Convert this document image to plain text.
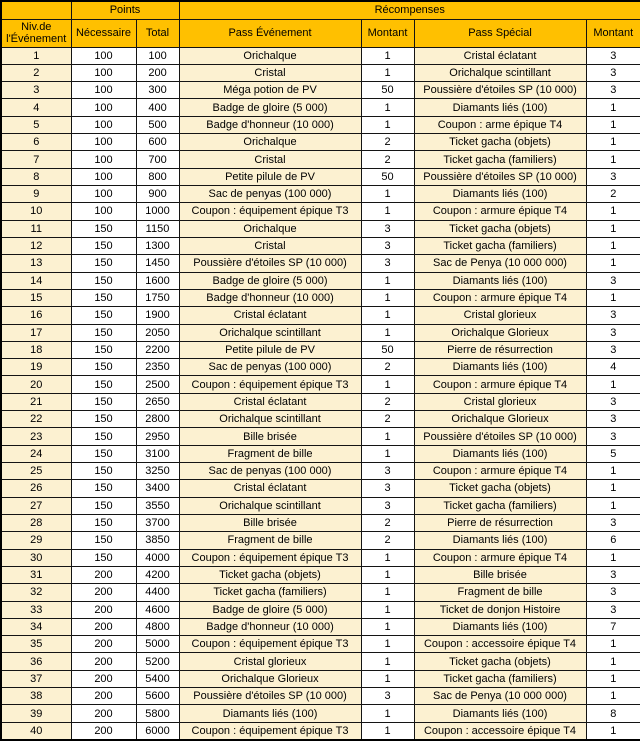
	Points		Récompenses			

Niv.de
l'Événement	Nécessaire	Total	Pass Événement	Montant	Pass Spécial	Montant
1	100	100	Orichalque	1	Cristal éclatant	3
2	100	200	Cristal	1	Orichalque scintillant	3
3	100	300	Méga potion de PV	50	Poussière d'étoiles SP (10 000)	3
4	100	400	Badge de gloire (5 000)	1	Diamants liés (100)	1
5	100	500	Badge d'honneur (10 000)	1	Coupon : arme épique T4	1
6	100	600	Orichalque	2	Ticket gacha (objets)	1
7	100	700	Cristal	2	Ticket gacha (familiers)	1
8	100	800	Petite pilule de PV	50	Poussière d'étoiles SP (10 000)	3
9	100	900	Sac de penyas (100 000)	1	Diamants liés (100)	2
10	100	1000	Coupon : équipement épique T3	1	Coupon : armure épique T4	1
11	150	1150	Orichalque	3	Ticket gacha (objets)	1
12	150	1300	Cristal	3	Ticket gacha (familiers)	1
13	150	1450	Poussière d'étoiles SP (10 000)	3	Sac de Penya (10 000 000)	1
14	150	1600	Badge de gloire (5 000)	1	Diamants liés (100)	3
15	150	1750	Badge d'honneur (10 000)	1	Coupon : armure épique T4	1
16	150	1900	Cristal éclatant	1	Cristal glorieux	3
17	150	2050	Orichalque scintillant	1	Orichalque Glorieux	3
18	150	2200	Petite pilule de PV	50	Pierre de résurrection	3
19	150	2350	Sac de penyas (100 000)	2	Diamants liés (100)	4
20	150	2500	Coupon : équipement épique T3	1	Coupon : armure épique T4	1
21	150	2650	Cristal éclatant	2	Cristal glorieux	3
22	150	2800	Orichalque scintillant	2	Orichalque Glorieux	3
23	150	2950	Bille brisée	1	Poussière d'étoiles SP (10 000)	3
24	150	3100	Fragment de bille	1	Diamants liés (100)	5
25	150	3250	Sac de penyas (100 000)	3	Coupon : armure épique T4	1
26	150	3400	Cristal éclatant	3	Ticket gacha (objets)	1
27	150	3550	Orichalque scintillant	3	Ticket gacha (familiers)	1
28	150	3700	Bille brisée	2	Pierre de résurrection	3
29	150	3850	Fragment de bille	2	Diamants liés (100)	6
30	150	4000	Coupon : équipement épique T3	1	Coupon : armure épique T4	1
31	200	4200	Ticket gacha (objets)	1	Bille brisée	3
32	200	4400	Ticket gacha (familiers)	1	Fragment de bille	3
33	200	4600	Badge de gloire (5 000)	1	Ticket de donjon Histoire	3
34	200	4800	Badge d'honneur (10 000)	1	Diamants liés (100)	7
35	200	5000	Coupon : équipement épique T3	1	Coupon : accessoire épique T4	1
36	200	5200	Cristal glorieux	1	Ticket gacha (objets)	1
37	200	5400	Orichalque Glorieux	1	Ticket gacha (familiers)	1
38	200	5600	Poussière d'étoiles SP (10 000)	3	Sac de Penya (10 000 000)	1
39	200	5800	Diamants liés (100)	1	Diamants liés (100)	8
40	200	6000	Coupon : équipement épique T3	1	Coupon : accessoire épique T4	1
